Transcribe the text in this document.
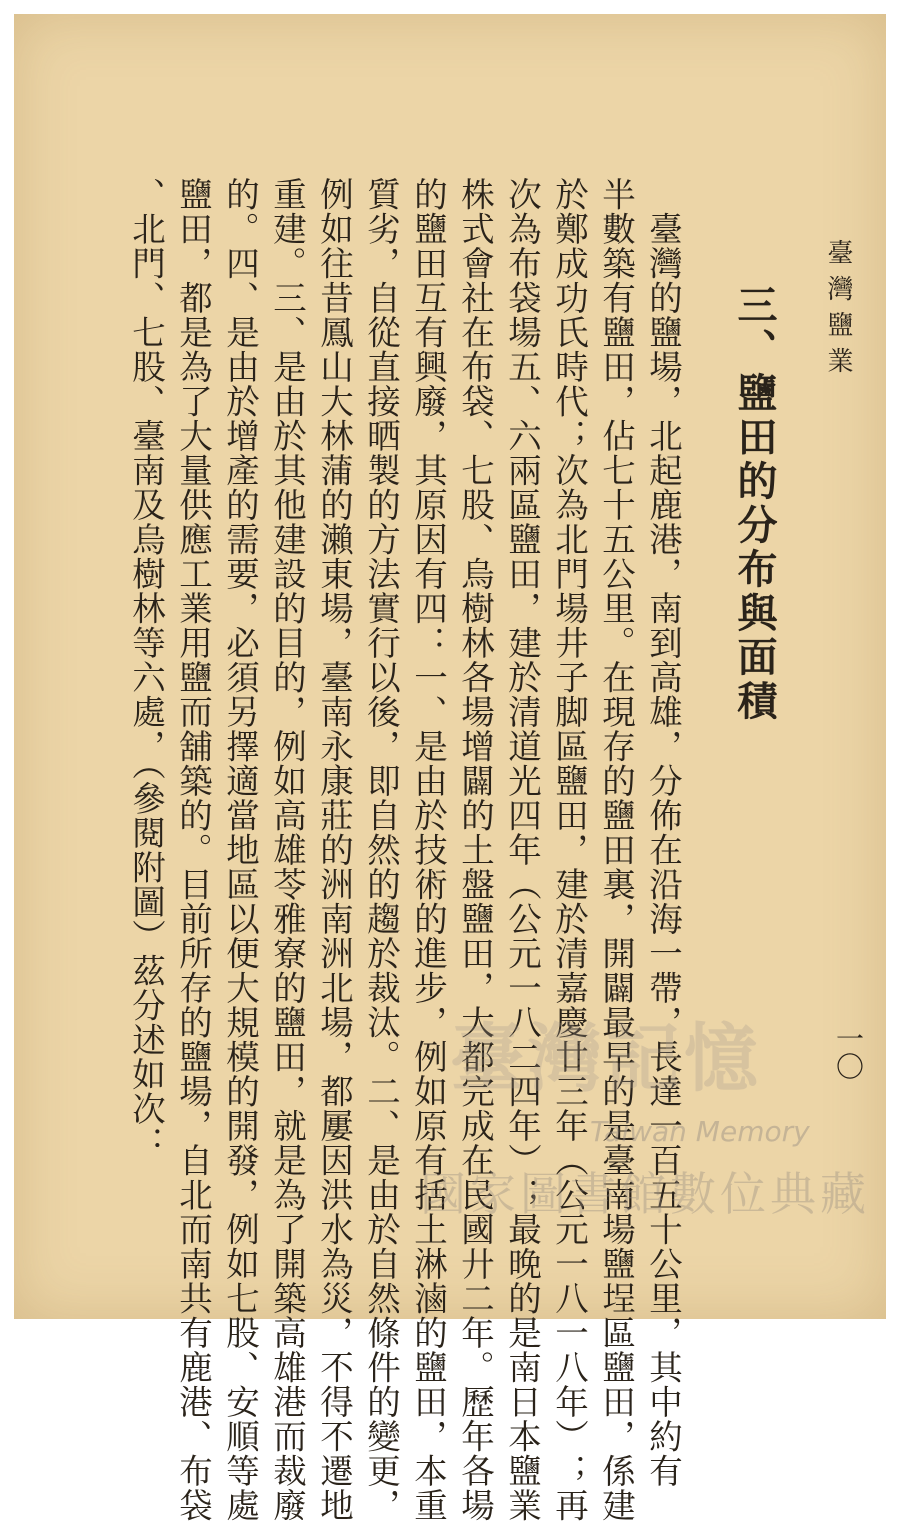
臺灣鹽業
三、鹽田的分布與面積
一〇
　臺灣的鹽場，北起鹿港，南到高雄，分佈在沿海一帶，長達一百五十公里，其中約有
半數築有鹽田，佔七十五公里。在現存的鹽田裏，開闢最早的是臺南場鹽埕區鹽田，係建
於鄭成功氏時代；次為北門場井子脚區鹽田，建於清嘉慶廿三年（公元一八一八年）；再
次為布袋場五、六兩區鹽田，建於清道光四年（公元一八二四年）；最晚的是南日本鹽業
株式會社在布袋、七股、烏樹林各場增闢的土盤鹽田，大都完成在民國廾二年。歷年各場
的鹽田互有興廢，其原因有四：一、是由於技術的進步，例如原有括土淋滷的鹽田，本重
質劣，自從直接晒製的方法實行以後，即自然的趨於裁汰。二、是由於自然條件的變更，
例如往昔鳳山大林蒲的瀨東場，臺南永康莊的洲南洲北場，都屢因洪水為災，不得不遷地
重建。三、是由於其他建設的目的，例如高雄苓雅寮的鹽田，就是為了開築高雄港而裁廢
的。四、是由於增產的需要，必須另擇適當地區以便大規模的開發，例如七股、安順等處
鹽田，都是為了大量供應工業用鹽而舖築的。目前所存的鹽場，自北而南共有鹿港、布袋
、北門、七股、臺南及烏樹林等六處，（參閱附圖）茲分述如次：	臺灣記憶
Taiwan Memory
國家圖書館數位典藏
